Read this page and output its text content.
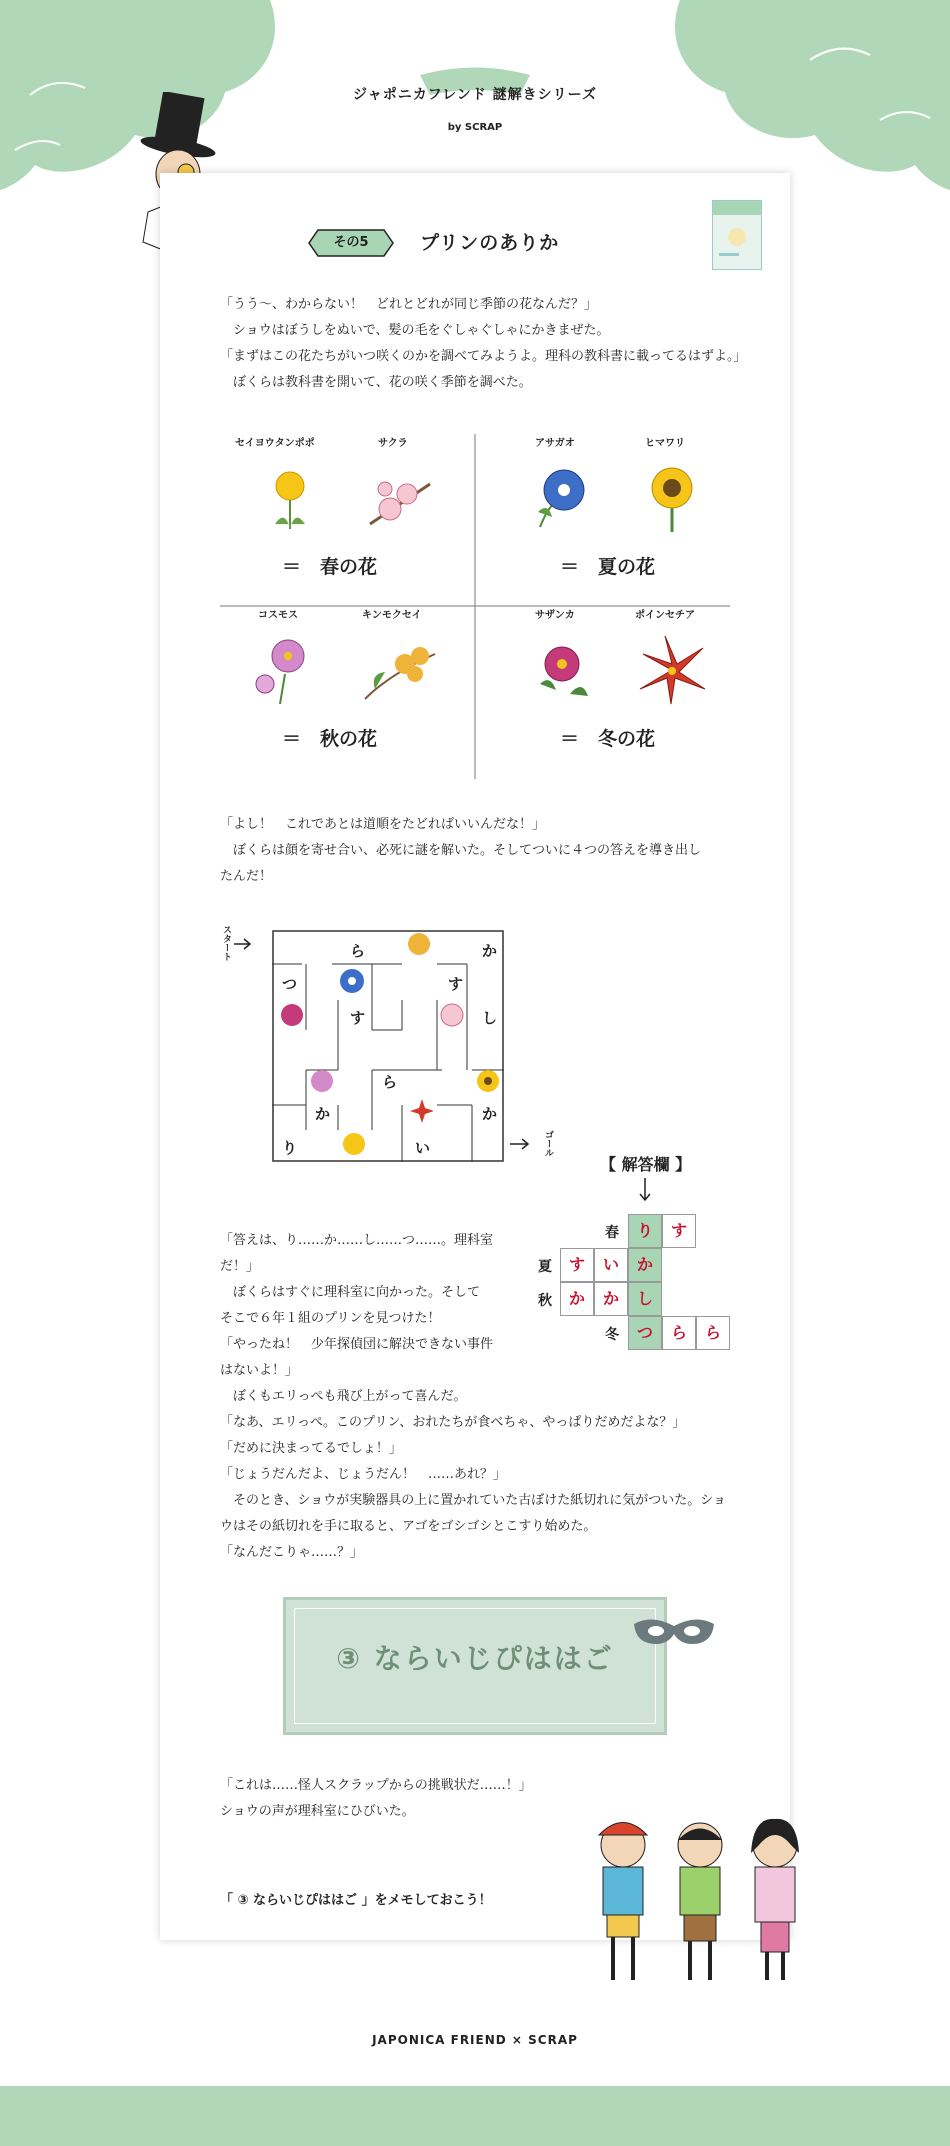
ジャポニカフレンド 謎解きシリーズ
by SCRAP
その5	プリンのありか
「うう〜、わからない！　どれとどれが同じ季節の花なんだ？」
　ショウはぼうしをぬいで、髪の毛をぐしゃぐしゃにかきまぜた。
「まずはこの花たちがいつ咲くのかを調べてみようよ。理科の教科書に載ってるはずよ。」
　ぼくらは教科書を開いて、花の咲く季節を調べた。
セイヨウタンポポ	サクラ
＝　春の花
アサガオ	ヒマワリ
＝　夏の花
コスモス	キンモクセイ
＝　秋の花
サザンカ	ポインセチア
＝　冬の花
「よし！　これであとは道順をたどればいいんだな！」
　ぼくらは顔を寄せ合い、必死に謎を解いた。そしてついに４つの答えを導き出し
たんだ！
スタート	ら	か
つ	す
す	し
ら
か	か
り	い	ゴール
【 解答欄 】
春	り	す
夏	す	い	か
秋	か	か	し
冬	つ	ら	ら
「答えは、り……か……し……つ……。理科室
だ！」
　ぼくらはすぐに理科室に向かった。そして
そこで６年１組のプリンを見つけた！
「やったね！　少年探偵団に解決できない事件
はないよ！」
　ぼくもエリっぺも飛び上がって喜んだ。
「なあ、エリっぺ。このプリン、おれたちが食べちゃ、やっぱりだめだよな？」
「だめに決まってるでしょ！」
「じょうだんだよ、じょうだん！　……あれ？」
　そのとき、ショウが実験器具の上に置かれていた古ぼけた紙切れに気がついた。ショ
ウはその紙切れを手に取ると、アゴをゴシゴシとこすり始めた。
「なんだこりゃ……？」
③ ならいじぴははご
「これは……怪人スクラップからの挑戦状だ……！」
ショウの声が理科室にひびいた。
「 ③ ならいじぴははご 」をメモしておこう！
JAPONICA FRIEND × SCRAP
